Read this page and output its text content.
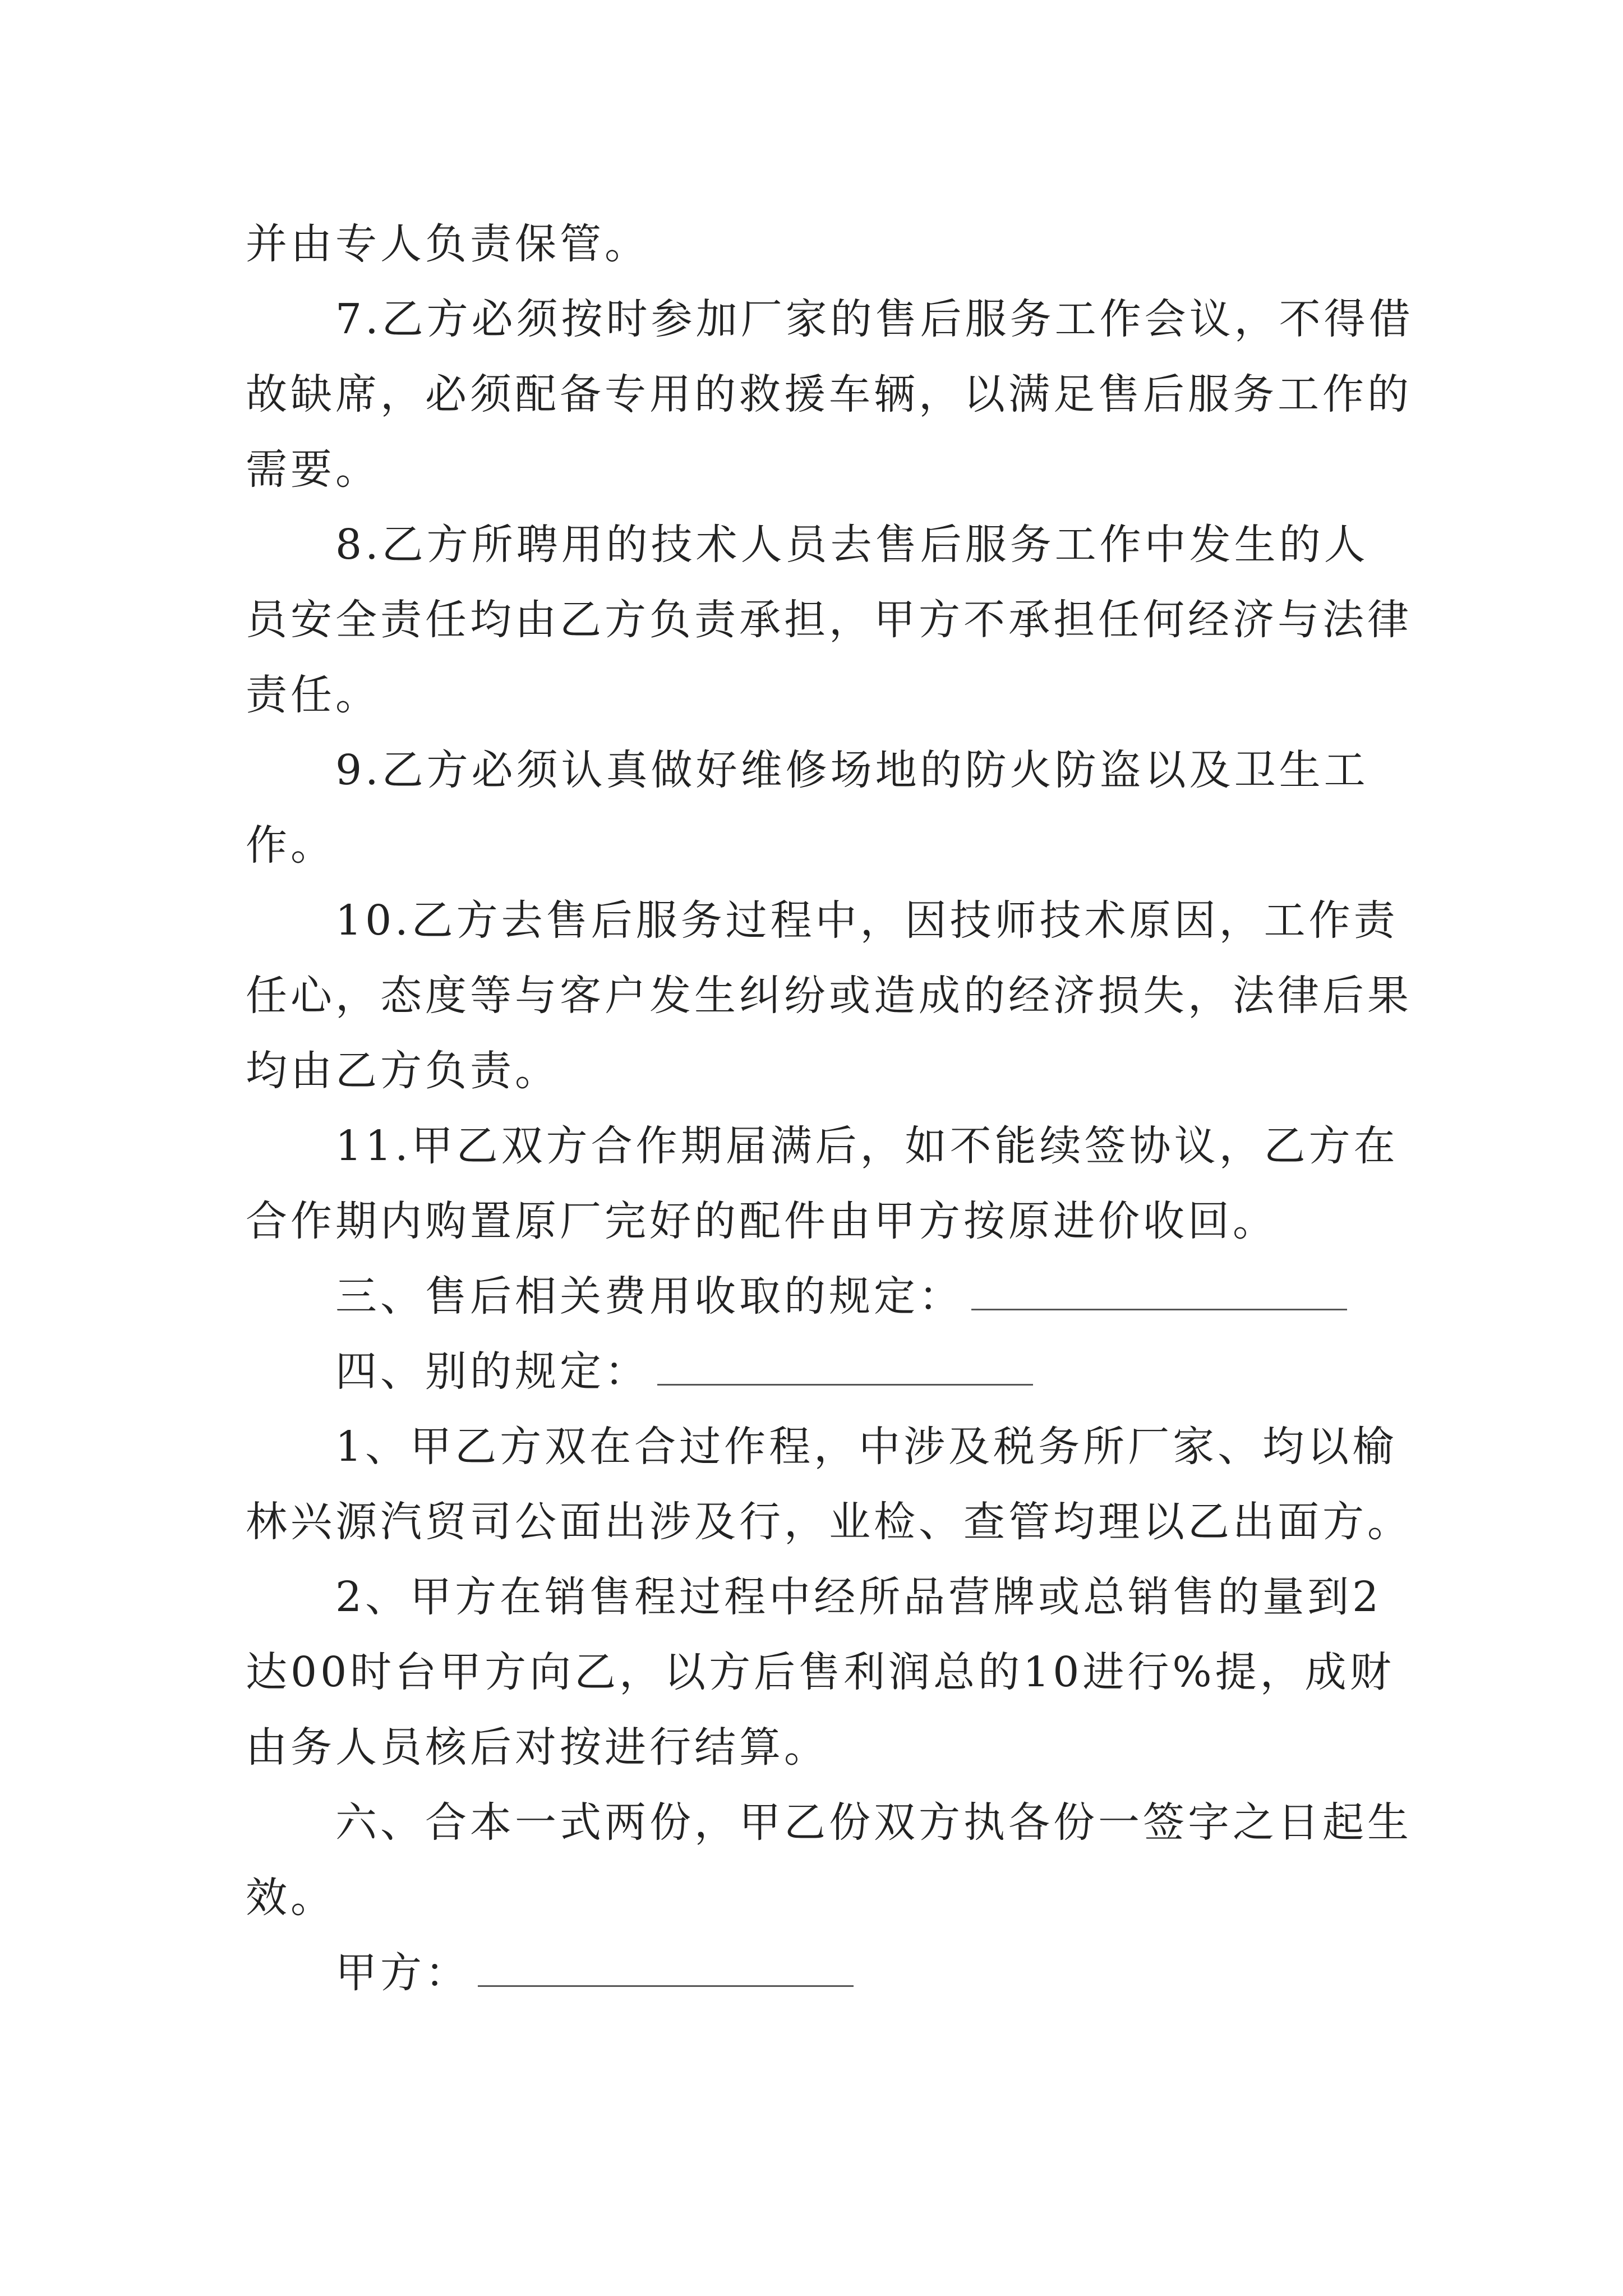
并由专人负责保管。
7.乙方必须按时参加厂家的售后服务工作会议，不得借
故缺席，必须配备专用的救援车辆，以满足售后服务工作的
需要。
8.乙方所聘用的技术人员去售后服务工作中发生的人
员安全责任均由乙方负责承担，甲方不承担任何经济与法律
责任。
9.乙方必须认真做好维修场地的防火防盗以及卫生工
作。
10.乙方去售后服务过程中，因技师技术原因，工作责
任心，态度等与客户发生纠纷或造成的经济损失，法律后果
均由乙方负责。
11.甲乙双方合作期届满后，如不能续签协议，乙方在
合作期内购置原厂完好的配件由甲方按原进价收回。
三、售后相关费用收取的规定：
四、别的规定：
1、甲乙方双在合过作程，中涉及税务所厂家、均以榆
林兴源汽贸司公面出涉及行，业检、查管均理以乙出面方。
2、甲方在销售程过程中经所品营牌或总销售的量到2
达00时台甲方向乙，以方后售利润总的10进行%提，成财
由务人员核后对按进行结算。
六、合本一式两份，甲乙份双方执各份一签字之日起生
效。
甲方：
